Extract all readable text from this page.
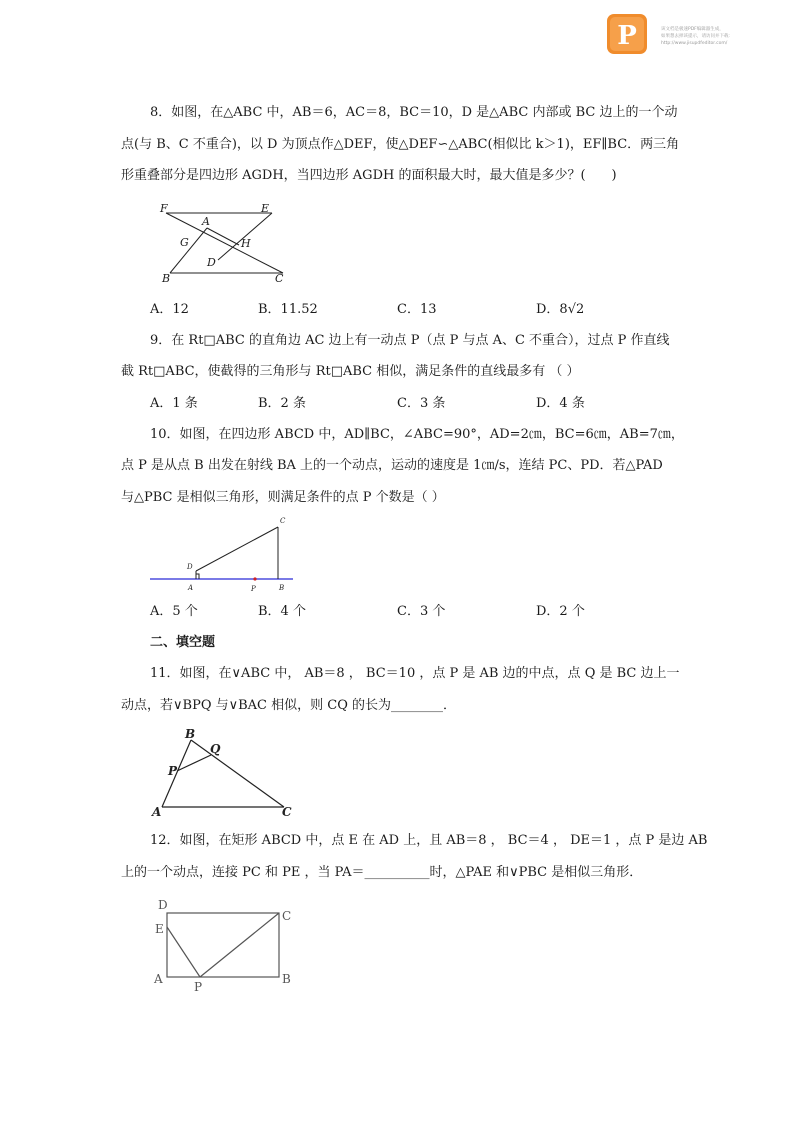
P	该文档是极速PDF编辑器生成，
如果想去掉该提示，请访问并下载：
http://www.jisupdfeditor.com/
8．如图，在△ABC 中，AB＝6，AC＝8，BC＝10，D 是△ABC 内部或 BC 边上的一个动
点(与 B、C 不重合)，以 D 为顶点作△DEF，使△DEF∽△ABC(相似比 k＞1)，EF∥BC．两三角
形重叠部分是四边形 AGDH，当四边形 AGDH 的面积最大时，最大值是多少？(　　)
F
A
E
G	H
D
B	C
A．12	B．11.52	C．13	D．8√2
9．在 Rt□ABC 的直角边 AC 边上有一动点 P（点 P 与点 A、C 不重合），过点 P 作直线
截 Rt□ABC，使截得的三角形与 Rt□ABC 相似，满足条件的直线最多有 （ ）
A．1 条	B．2 条	C．3 条	D．4 条
10．如图，在四边形 ABCD 中，AD∥BC，∠ABC=90°，AD=2㎝，BC=6㎝，AB=7㎝，
点 P 是从点 B 出发在射线 BA 上的一个动点，运动的速度是 1㎝/s，连结 PC、PD．若△PAD
与△PBC 是相似三角形，则满足条件的点 P 个数是（ ）
C
D
A	P	B
A．5 个	B．4 个	C．3 个	D．2 个
二、填空题
11．如图，在∨ABC 中， AB＝8 ， BC＝10 ，点 P 是 AB 边的中点，点 Q 是 BC 边上一
动点，若∨BPQ 与∨BAC 相似，则 CQ 的长为________．
B
Q
P
A	C
12．如图，在矩形 ABCD 中，点 E 在 AD 上，且 AB＝8 ， BC＝4 ， DE＝1 ，点 P 是边 AB
上的一个动点，连接 PC 和 PE ，当 PA＝__________时，△PAE 和∨PBC 是相似三角形．
D
C
E
A
P
B
